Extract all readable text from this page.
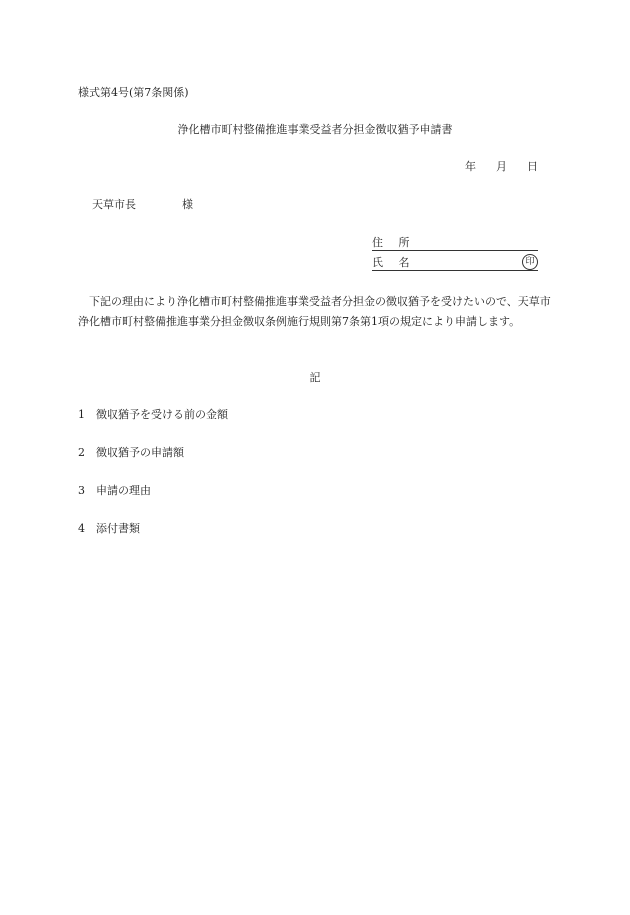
様式第4号(第7条関係)
浄化槽市町村整備推進事業受益者分担金徴収猶予申請書
年 月 日
天草市長	様
住 所
氏 名	印
下記の理由により浄化槽市町村整備推進事業受益者分担金の徴収猶予を受けたいので、天草市浄化槽市町村整備推進事業分担金徴収条例施行規則第7条第1項の規定により申請します。
記
1 徴収猶予を受ける前の金額
2 徴収猶予の申請額
3 申請の理由
4 添付書類
